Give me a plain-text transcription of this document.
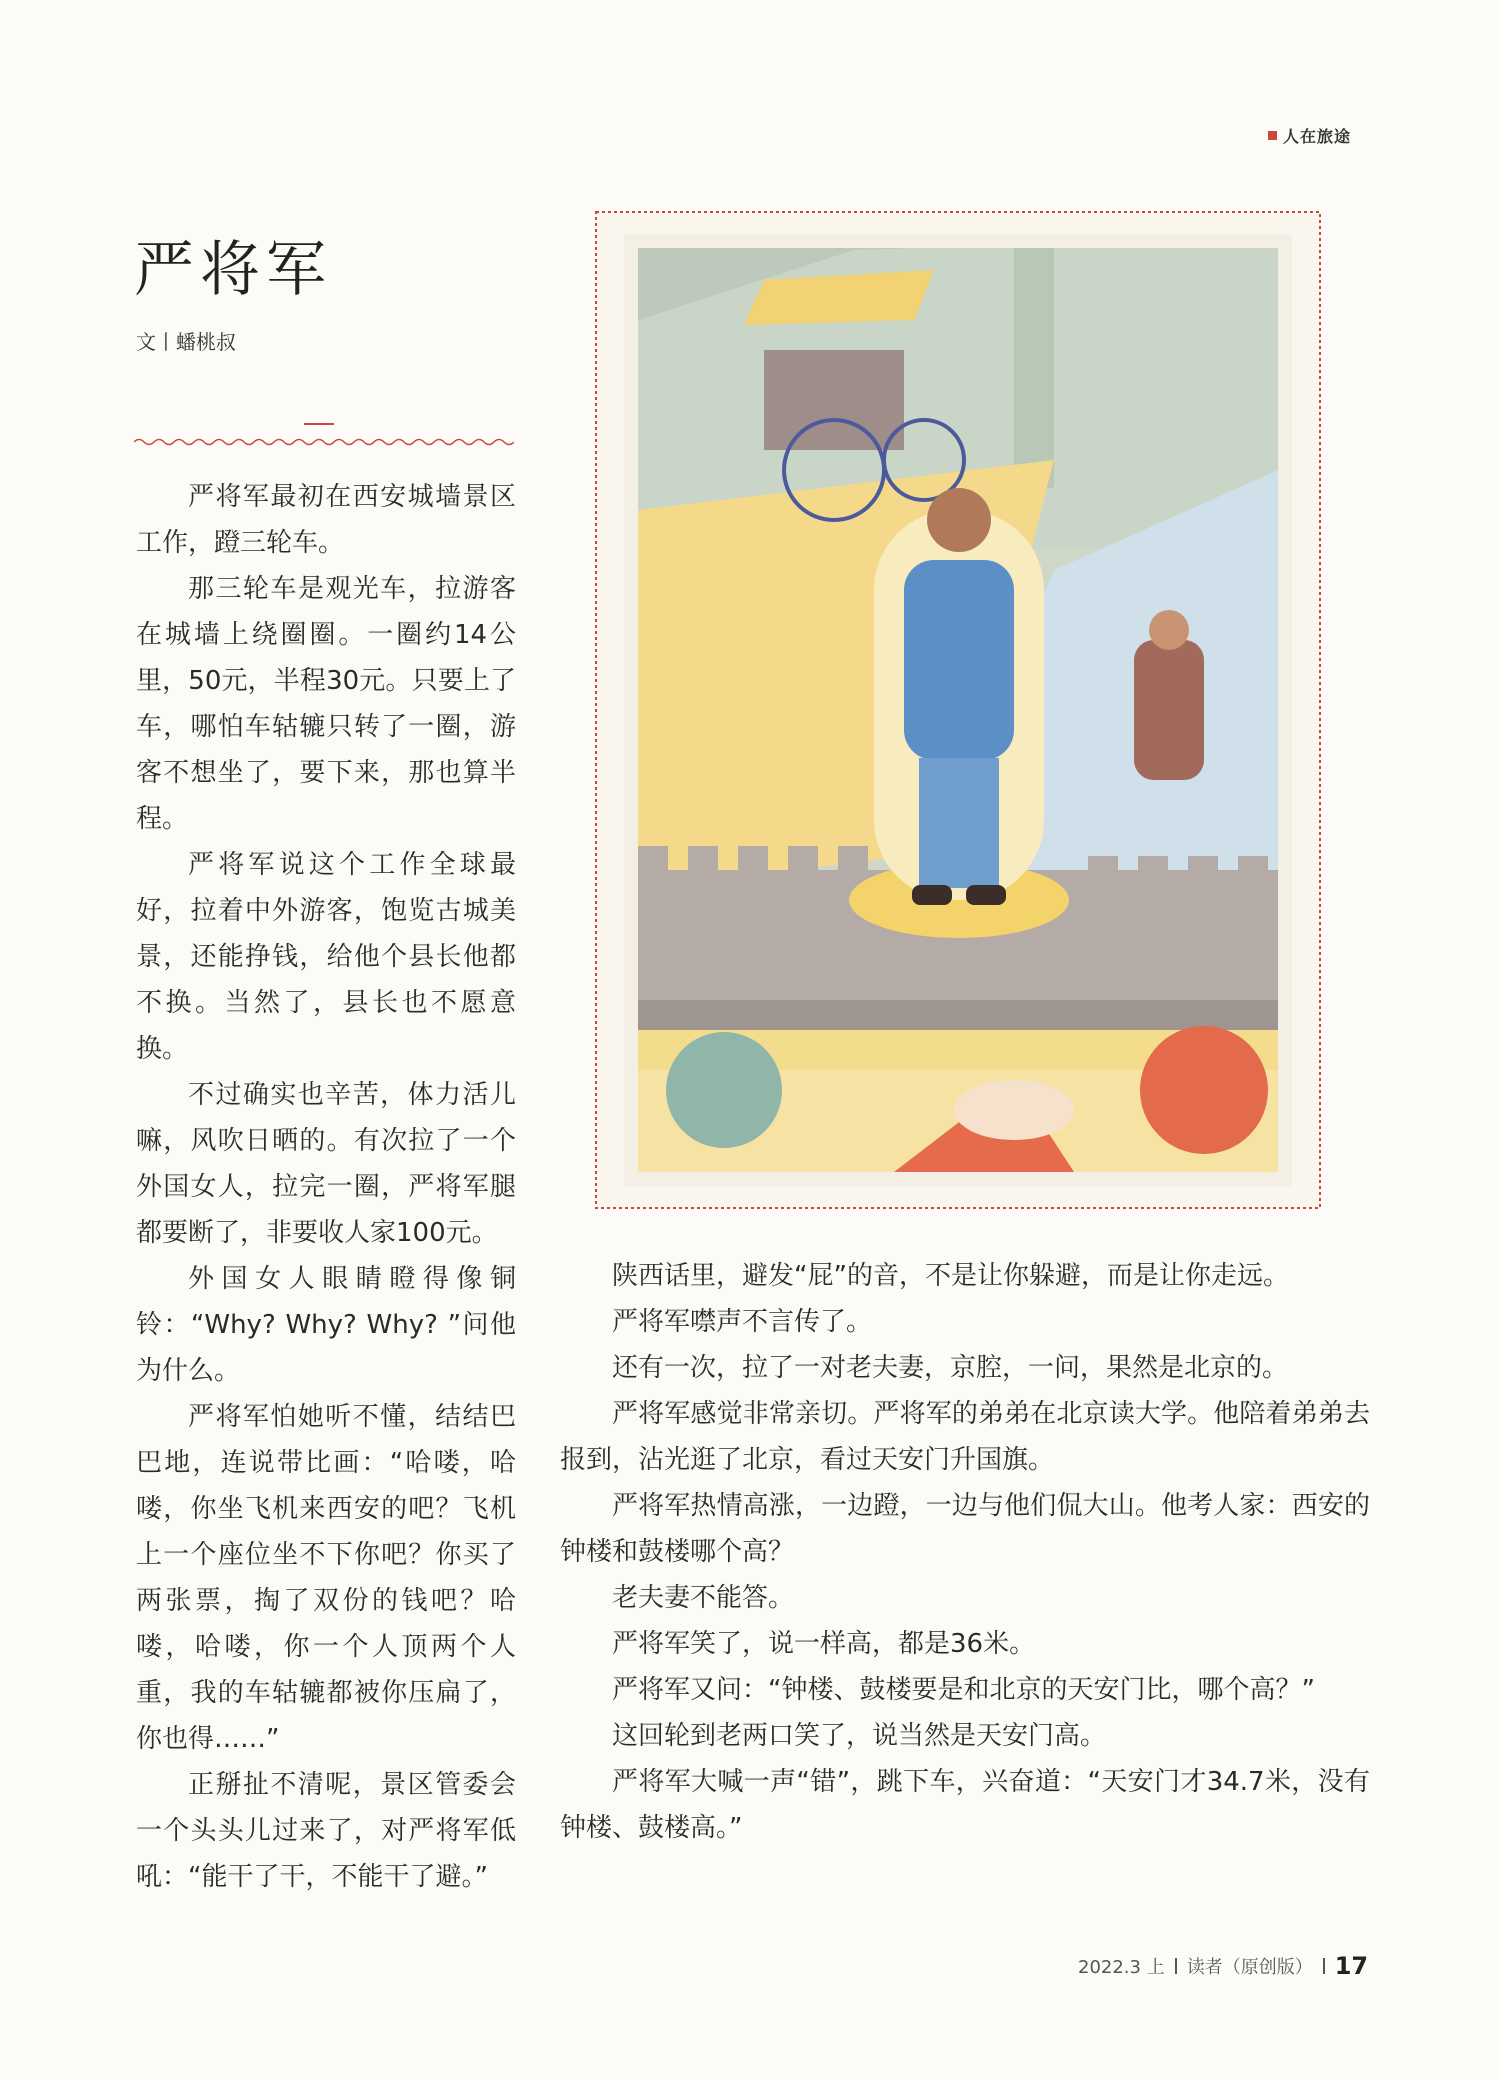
人在旅途
严将军
文丨蟠桃叔

严将军最初在西安城墙景区工作，蹬三轮车。

那三轮车是观光车，拉游客在城墙上绕圈圈。一圈约14公里，50元，半程30元。只要上了车，哪怕车轱辘只转了一圈，游客不想坐了，要下来，那也算半程。

严将军说这个工作全球最好，拉着中外游客，饱览古城美景，还能挣钱，给他个县长他都不换。当然了，县长也不愿意换。

不过确实也辛苦，体力活儿嘛，风吹日晒的。有次拉了一个外国女人，拉完一圈，严将军腿都要断了，非要收人家100元。

外国女人眼睛瞪得像铜铃：“Why? Why? Why? ”问他为什么。

严将军怕她听不懂，结结巴巴地，连说带比画：“哈喽，哈喽，你坐飞机来西安的吧？飞机上一个座位坐不下你吧？你买了两张票，掏了双份的钱吧？哈喽，哈喽，你一个人顶两个人重，我的车轱辘都被你压扁了，你也得……”

正掰扯不清呢，景区管委会一个头头儿过来了，对严将军低吼：“能干了干，不能干了避。”

陕西话里，避发“屁”的音，不是让你躲避，而是让你走远。

严将军噤声不言传了。

还有一次，拉了一对老夫妻，京腔，一问，果然是北京的。

严将军感觉非常亲切。严将军的弟弟在北京读大学。他陪着弟弟去报到，沾光逛了北京，看过天安门升国旗。

严将军热情高涨，一边蹬，一边与他们侃大山。他考人家：西安的钟楼和鼓楼哪个高？

老夫妻不能答。

严将军笑了，说一样高，都是36米。

严将军又问：“钟楼、鼓楼要是和北京的天安门比，哪个高？”

这回轮到老两口笑了，说当然是天安门高。

严将军大喊一声“错”，跳下车，兴奋道：“天安门才34.7米，没有钟楼、鼓楼高。”

2022.3 上 读者（原创版） 17
